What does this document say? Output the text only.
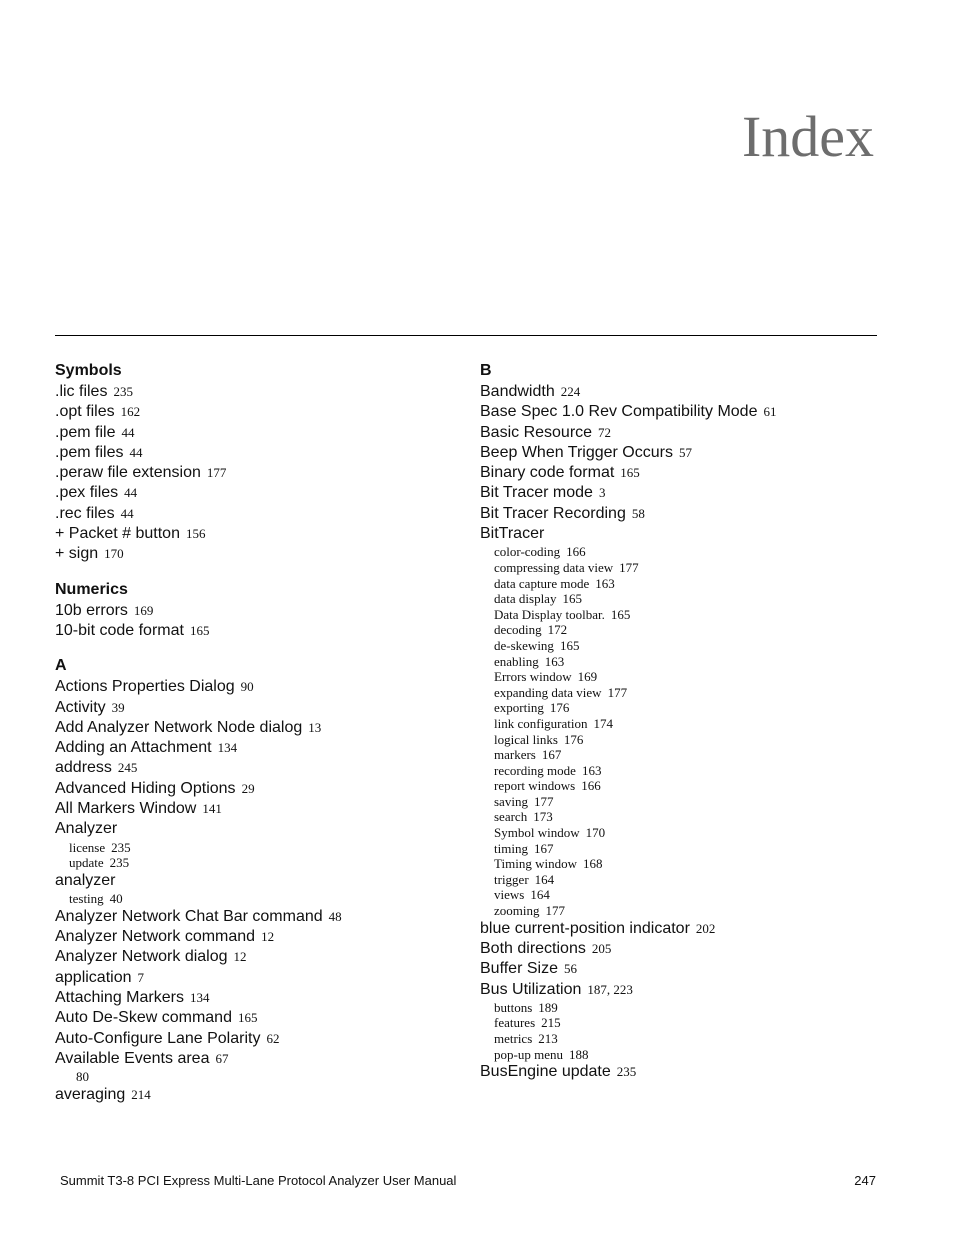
Index
Symbols
.lic files 235
.opt files 162
.pem file 44
.pem files 44
.peraw file extension 177
.pex files 44
.rec files 44
+ Packet # button 156
+ sign 170
Numerics
10b errors 169
10-bit code format 165
A
Actions Properties Dialog 90
Activity 39
Add Analyzer Network Node dialog 13
Adding an Attachment 134
address 245
Advanced Hiding Options 29
All Markers Window 141
Analyzer
license 235
update 235
analyzer
testing 40
Analyzer Network Chat Bar command 48
Analyzer Network command 12
Analyzer Network dialog 12
application 7
Attaching Markers 134
Auto De-Skew command 165
Auto-Configure Lane Polarity 62
Available Events area 67
80
averaging 214
B
Bandwidth 224
Base Spec 1.0 Rev Compatibility Mode 61
Basic Resource 72
Beep When Trigger Occurs 57
Binary code format 165
Bit Tracer mode 3
Bit Tracer Recording 58
BitTracer
color-coding 166
compressing data view 177
data capture mode 163
data display 165
Data Display toolbar. 165
decoding 172
de-skewing 165
enabling 163
Errors window 169
expanding data view 177
exporting 176
link configuration 174
logical links 176
markers 167
recording mode 163
report windows 166
saving 177
search 173
Symbol window 170
timing 167
Timing window 168
trigger 164
views 164
zooming 177
blue current-position indicator 202
Both directions 205
Buffer Size 56
Bus Utilization 187, 223
buttons 189
features 215
metrics 213
pop-up menu 188
BusEngine update 235
Summit T3-8 PCI Express Multi-Lane Protocol Analyzer User Manual	247
